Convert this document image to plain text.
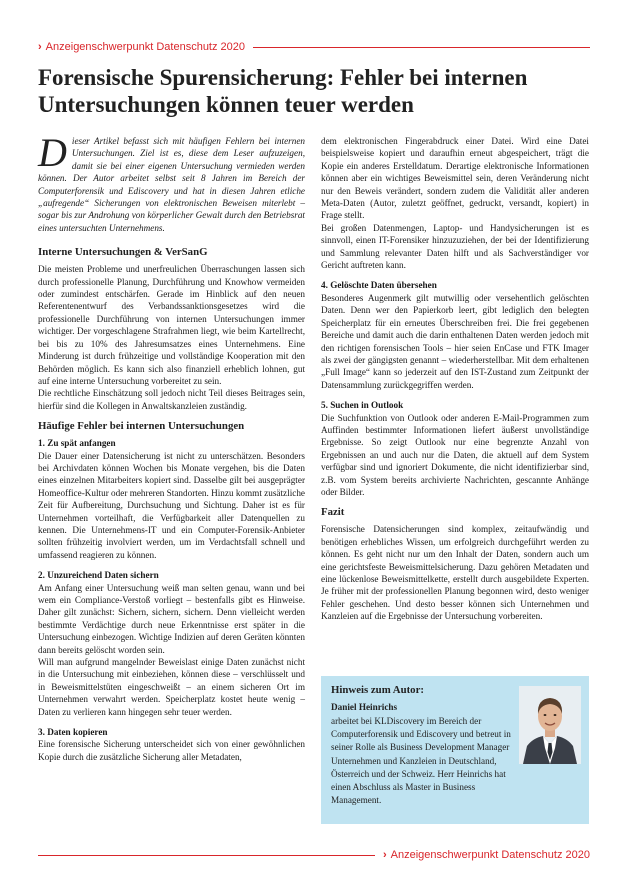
› Anzeigenschwerpunkt Datenschutz 2020
Forensische Spurensicherung: Fehler bei internen Untersuchungen können teuer werden
Dieser Artikel befasst sich mit häufigen Fehlern bei internen Untersuchungen. Ziel ist es, diese dem Leser aufzuzeigen, damit sie bei einer eigenen Untersuchung vermieden werden können. Der Autor arbeitet selbst seit 8 Jahren im Bereich der Computerforensik und Ediscovery und hat in diesen Jahren etliche „aufregende“ Sicherungen von elektronischen Beweisen miterlebt – sogar bis zur Androhung von körperlicher Gewalt durch den Betriebsrat eines untersuchten Unternehmens.
Interne Untersuchungen & VerSanG
Die meisten Probleme und unerfreulichen Überraschungen lassen sich durch professionelle Planung, Durchführung und Knowhow vermeiden oder zumindest entschärfen. Gerade im Hinblick auf den neuen Referentenentwurf des Verbandssanktionsgesetzes wird die professionelle Durchführung von internen Untersuchungen immer wichtiger. Der vorgeschlagene Strafrahmen liegt, wie beim Kartellrecht, bei bis zu 10% des Jahresumsatzes eines Unternehmens. Eine Minderung ist durch frühzeitige und vollständige Kooperation mit den Behörden möglich. Es kann sich also finanziell erheblich lohnen, gut auf eine interne Untersuchung vorbereitet zu sein.
Die rechtliche Einschätzung soll jedoch nicht Teil dieses Beitrages sein, hierfür sind die Kollegen in Anwaltskanzleien zuständig.
Häufige Fehler bei internen Untersuchungen
1. Zu spät anfangen
Die Dauer einer Datensicherung ist nicht zu unterschätzen. Besonders bei Archivdaten können Wochen bis Monate vergehen, bis die Daten eines einzelnen Mitarbeiters kopiert sind. Dasselbe gilt bei ausgeprägter Homeoffice-Kultur oder mehreren Standorten. Hinzu kommt zusätzliche Zeit für Aufbereitung, Durchsuchung und Sichtung. Daher ist es für Unternehmen vorteilhaft, die Verfügbarkeit aller Datenquellen zu kennen. Die Unternehmens-IT und ein Computer-Forensik-Anbieter sollten frühzeitig involviert werden, um im Verdachtsfall schnell und umfassend reagieren zu können.
2. Unzureichend Daten sichern
Am Anfang einer Untersuchung weiß man selten genau, wann und bei wem ein Compliance-Verstoß vorliegt – bestenfalls gibt es Hinweise. Daher gilt zunächst: Sichern, sichern, sichern. Denn vielleicht werden bestimmte Verdächtige durch neue Erkenntnisse erst später in die Untersuchung einbezogen. Wichtige Indizien auf deren Geräten könnten dann bereits gelöscht worden sein.
Will man aufgrund mangelnder Beweislast einige Daten zunächst nicht in die Untersuchung mit einbeziehen, können diese – verschlüsselt und in Beweismittelstüten eingeschweißt – an einem sicheren Ort im Unternehmen verwahrt werden. Speicherplatz kostet heute wenig – Daten zu verlieren kann hingegen sehr teuer werden.
3. Daten kopieren
Eine forensische Sicherung unterscheidet sich von einer gewöhnlichen Kopie durch die zusätzliche Sicherung aller Metadaten,
dem elektronischen Fingerabdruck einer Datei. Wird eine Datei beispielsweise kopiert und daraufhin erneut abgespeichert, trägt die Kopie ein anderes Erstelldatum. Derartige elektronische Informationen können aber ein wichtiges Beweismittel sein, deren Veränderung nicht nur den Beweis verändert, sondern zudem die Validität aller anderen Meta-Daten (Autor, zuletzt geöffnet, gedruckt, versandt, kopiert) in Frage stellt.
Bei großen Datenmengen, Laptop- und Handysicherungen ist es sinnvoll, einen IT-Forensiker hinzuzuziehen, der bei der Identifizierung und Sammlung relevanter Daten hilft und als Sachverständiger vor Gericht auftreten kann.
4. Gelöschte Daten übersehen
Besonderes Augenmerk gilt mutwillig oder versehentlich gelöschten Daten. Denn wer den Papierkorb leert, gibt lediglich den belegten Speicherplatz für ein erneutes Überschreiben frei. Die frei gegebenen Bereiche und damit auch die darin enthaltenen Daten werden jedoch mit den richtigen forensischen Tools – hier seien EnCase und FTK Imager als zwei der gängigsten genannt – wiederherstellbar. Mit dem erhaltenen „Full Image“ kann so jederzeit auf den IST-Zustand zum Zeitpunkt der Datensammlung zurückgegriffen werden.
5. Suchen in Outlook
Die Suchfunktion von Outlook oder anderen E-Mail-Programmen zum Auffinden bestimmter Informationen liefert äußerst unvollständige Ergebnisse. So zeigt Outlook nur eine begrenzte Anzahl von Ergebnissen an und auch nur die Daten, die aktuell auf dem System verfügbar sind und ignoriert Dokumente, die nicht identifizierbar sind, z.B. vom System bereits archivierte Nachrichten, gescannte Anhänge oder Bilder.
Fazit
Forensische Datensicherungen sind komplex, zeitaufwändig und benötigen erhebliches Wissen, um erfolgreich durchgeführt werden zu können. Es geht nicht nur um den Inhalt der Daten, sondern auch um eine gerichtsfeste Beweismittelsicherung. Dazu gehören Metadaten und eine lückenlose Beweismittelkette, erstellt durch ausgebildete Experten. Je früher mit der professionellen Planung begonnen wird, desto weniger Fehler geschehen. Und desto besser können sich Unternehmen und Kanzleien auf die Ergebnisse der Untersuchung vorbereiten.
Hinweis zum Autor:
Daniel Heinrichs
arbeitet bei KLDiscovery im Bereich der Computerforensik und Ediscovery und betreut in seiner Rolle als Business Development Manager Unternehmen und Kanzleien in Deutschland, Österreich und der Schweiz. Herr Heinrichs hat einen Abschluss als Master in Business Management.
› Anzeigenschwerpunkt Datenschutz 2020
